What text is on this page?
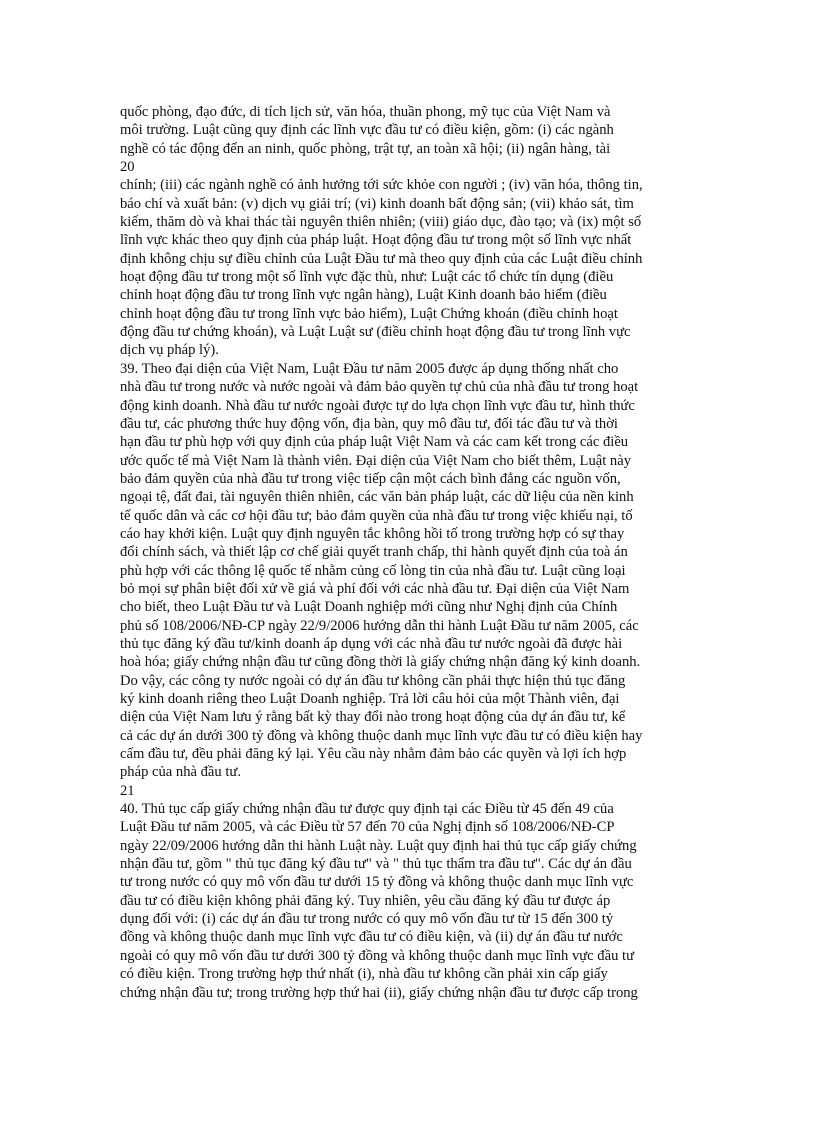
quốc phòng, đạo đức, di tích lịch sử, văn hóa, thuần phong, mỹ tục của Việt Nam và
môi trường. Luật cũng quy định các lĩnh vực đầu tư có điều kiện, gồm: (i) các ngành
nghề có tác động đến an ninh, quốc phòng, trật tự, an toàn xã hội; (ii) ngân hàng, tài
20
chính; (iii) các ngành nghề có ảnh hưởng tới sức khỏe con người ; (iv) văn hóa, thông tin,
báo chí và xuất bản: (v) dịch vụ giải trí; (vi) kinh doanh bất động sản; (vii) khảo sát, tìm
kiếm, thăm dò và khai thác tài nguyên thiên nhiên; (viii) giáo dục, đào tạo; và (ix) một số
lĩnh vực khác theo quy định của pháp luật. Hoạt động đầu tư trong một số lĩnh vực nhất
định không chịu sự điều chỉnh của Luật Đầu tư mà theo quy định của các Luật điều chỉnh
hoạt động đầu tư trong một số lĩnh vực đặc thù, như: Luật các tổ chức tín dụng (điều
chỉnh hoạt động đầu tư trong lĩnh vực ngân hàng), Luật Kinh doanh bảo hiểm (điều
chỉnh hoạt động đầu tư trong lĩnh vực bảo hiểm), Luật Chứng khoán (điều chỉnh hoạt
động đầu tư chứng khoán), và Luật Luật sư (điều chỉnh hoạt động đầu tư trong lĩnh vực
dịch vụ pháp lý).
39. Theo đại diện của Việt Nam, Luật Đầu tư năm 2005 được áp dụng thống nhất cho
nhà đầu tư trong nước và nước ngoài và đảm bảo quyền tự chủ của nhà đầu tư trong hoạt
động kinh doanh. Nhà đầu tư nước ngoài được tự do lựa chọn lĩnh vực đầu tư, hình thức
đầu tư, các phương thức huy động vốn, địa bàn, quy mô đầu tư, đối tác đầu tư và thời
hạn đầu tư phù hợp với quy định của pháp luật Việt Nam và các cam kết trong các điều
ước quốc tế mà Việt Nam là thành viên. Đại diện của Việt Nam cho biết thêm, Luật này
bảo đảm quyền của nhà đầu tư trong việc tiếp cận một cách bình đẳng các nguồn vốn,
ngoại tệ, đất đai, tài nguyên thiên nhiên, các văn bản pháp luật, các dữ liệu của nền kinh
tế quốc dân và các cơ hội đầu tư; bảo đảm quyền của nhà đầu tư trong việc khiếu nại, tố
cáo hay khởi kiện. Luật quy định nguyên tắc không hồi tố trong trường hợp có sự thay
đổi chính sách, và thiết lập cơ chế giải quyết tranh chấp, thi hành quyết định của toà án
phù hợp với các thông lệ quốc tế nhằm củng cố lòng tin của nhà đầu tư. Luật cũng loại
bỏ mọi sự phân biệt đối xử về giá và phí đối với các nhà đầu tư. Đại diện của Việt Nam
cho biết, theo Luật Đầu tư và Luật Doanh nghiệp mới cũng như Nghị định của Chính
phủ số 108/2006/NĐ-CP ngày 22/9/2006 hướng dẫn thi hành Luật Đầu tư năm 2005, các
thủ tục đăng ký đầu tư/kinh doanh áp dụng với các nhà đầu tư nước ngoài đã được hài
hoà hóa; giấy chứng nhận đầu tư cũng đồng thời là giấy chứng nhận đăng ký kinh doanh.
Do vậy, các công ty nước ngoài có dự án đầu tư không cần phải thực hiện thủ tục đăng
ký kinh doanh riêng theo Luật Doanh nghiệp. Trả lời câu hỏi của một Thành viên, đại
diện của Việt Nam lưu ý rằng bất kỳ thay đổi nào trong hoạt động của dự án đầu tư, kể
cả các dự án dưới 300 tỷ đồng và không thuộc danh mục lĩnh vực đầu tư có điều kiện hay
cấm đầu tư, đều phải đăng ký lại. Yêu cầu này nhằm đảm bảo các quyền và lợi ích hợp
pháp của nhà đầu tư.
21
40. Thủ tục cấp giấy chứng nhận đầu tư được quy định tại các Điều từ 45 đến 49 của
Luật Đầu tư năm 2005, và các Điều từ 57 đến 70 của Nghị định số 108/2006/NĐ-CP
ngày 22/09/2006 hướng dẫn thi hành Luật này. Luật quy định hai thủ tục cấp giấy chứng
nhận đầu tư, gồm " thủ tục đăng ký đầu tư" và " thủ tục thẩm tra đầu tư". Các dự án đầu
tư trong nước có quy mô vốn đầu tư dưới 15 tỷ đồng và không thuộc danh mục lĩnh vực
đầu tư có điều kiện không phải đăng ký. Tuy nhiên, yêu cầu đăng ký đầu tư được áp
dụng đối với: (i) các dự án đầu tư trong nước có quy mô vốn đầu tư từ 15 đến 300 tỷ
đồng và không thuộc danh mục lĩnh vực đầu tư có điều kiện, và (ii) dự án đầu tư nước
ngoài có quy mô vốn đầu tư dưới 300 tỷ đồng và không thuộc danh mục lĩnh vực đầu tư
có điều kiện. Trong trường hợp thứ nhất (i), nhà đầu tư không cần phải xin cấp giấy
chứng nhận đầu tư; trong trường hợp thứ hai (ii), giấy chứng nhận đầu tư được cấp trong
